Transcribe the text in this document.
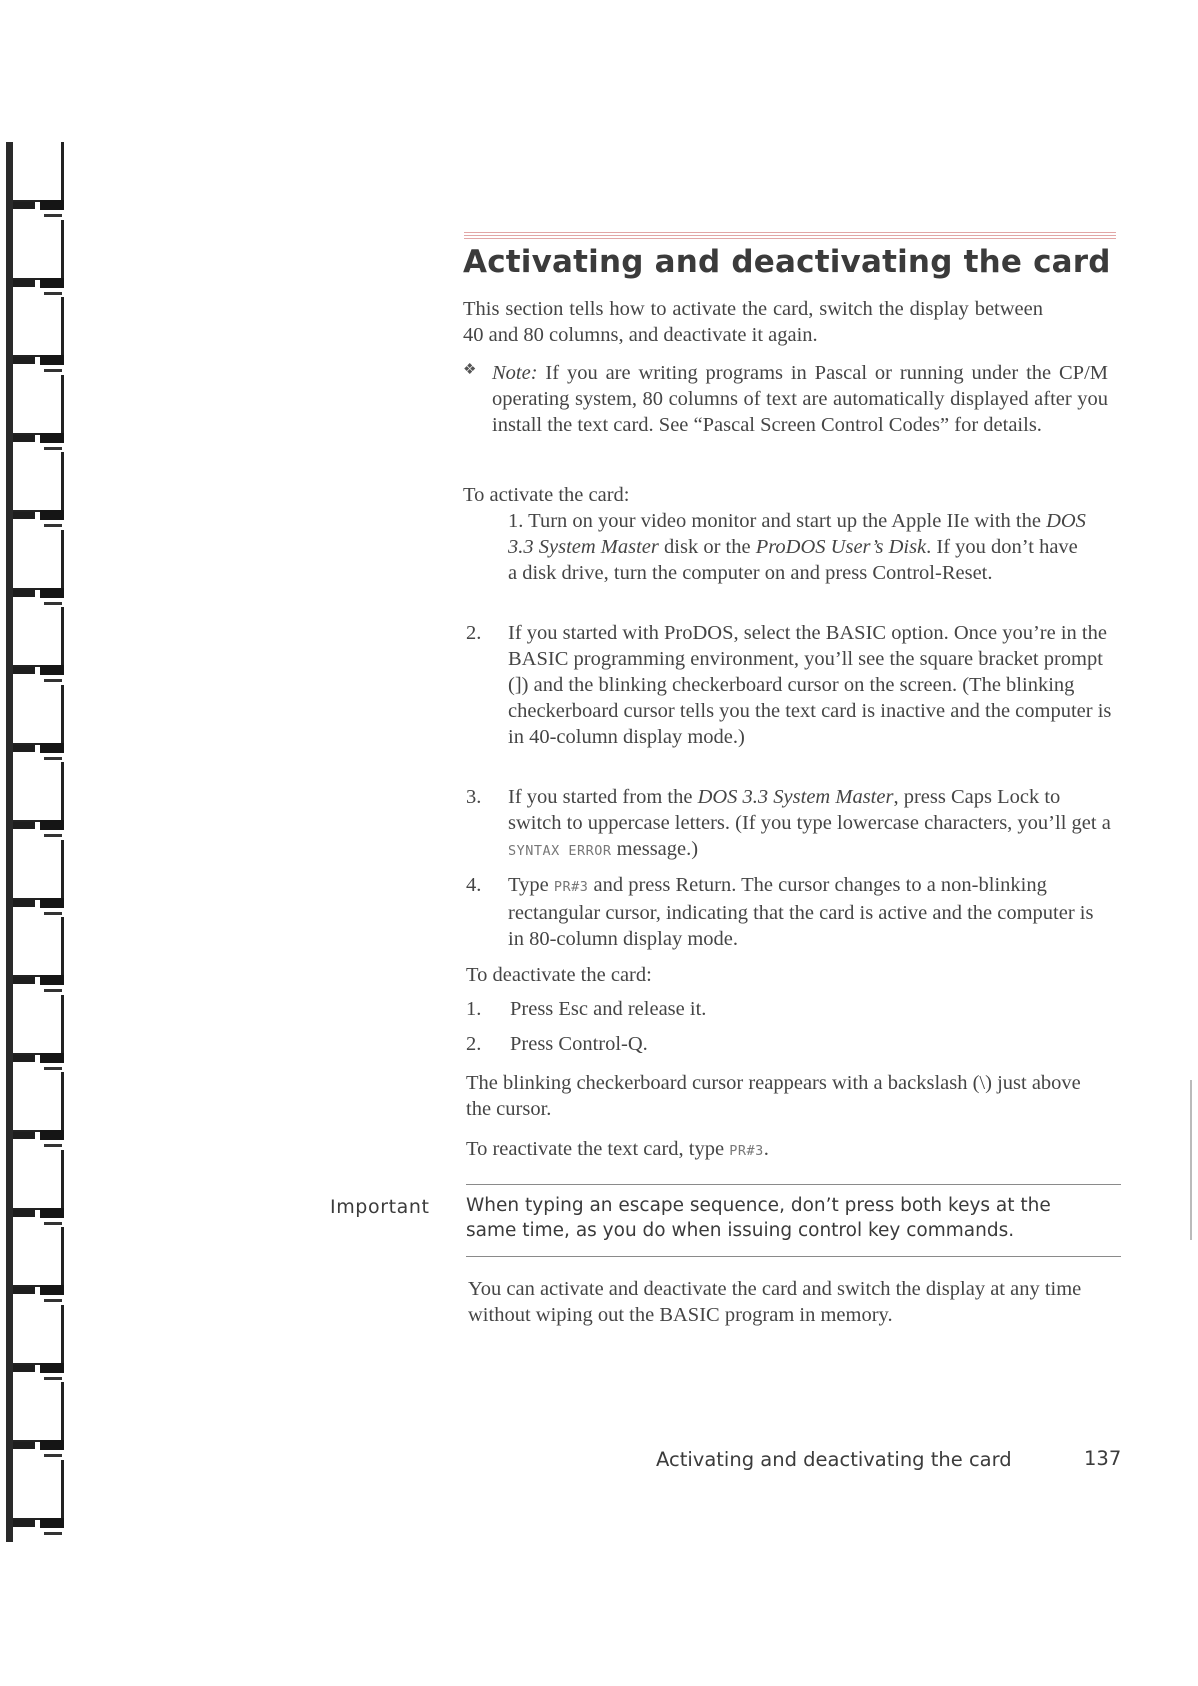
Activating and deactivating the card

This section tells how to activate the card, switch the display between 40 and 80 columns, and deactivate it again.

❖ Note: If you are writing programs in Pascal or running under the CP/M operating system, 80 columns of text are automatically displayed after you install the text card. See “Pascal Screen Control Codes” for details.

To activate the card:

1. Turn on your video monitor and start up the Apple IIe with the DOS 3.3 System Master disk or the ProDOS User’s Disk. If you don’t have a disk drive, turn the computer on and press Control-Reset.

2. If you started with ProDOS, select the BASIC option. Once you’re in the BASIC programming environment, you’ll see the square bracket prompt (]) and the blinking checkerboard cursor on the screen. (The blinking checkerboard cursor tells you the text card is inactive and the computer is in 40-column display mode.)

3. If you started from the DOS 3.3 System Master, press Caps Lock to switch to uppercase letters. (If you type lowercase characters, you’ll get a SYNTAX ERROR message.)

4. Type PR#3 and press Return. The cursor changes to a non-blinking rectangular cursor, indicating that the card is active and the computer is in 80-column display mode.

To deactivate the card:

1. Press Esc and release it.

2. Press Control-Q.

The blinking checkerboard cursor reappears with a backslash (\) just above the cursor.

To reactivate the text card, type PR#3.

Important When typing an escape sequence, don’t press both keys at the same time, as you do when issuing control key commands.

You can activate and deactivate the card and switch the display at any time without wiping out the BASIC program in memory.

Activating and deactivating the card	137
